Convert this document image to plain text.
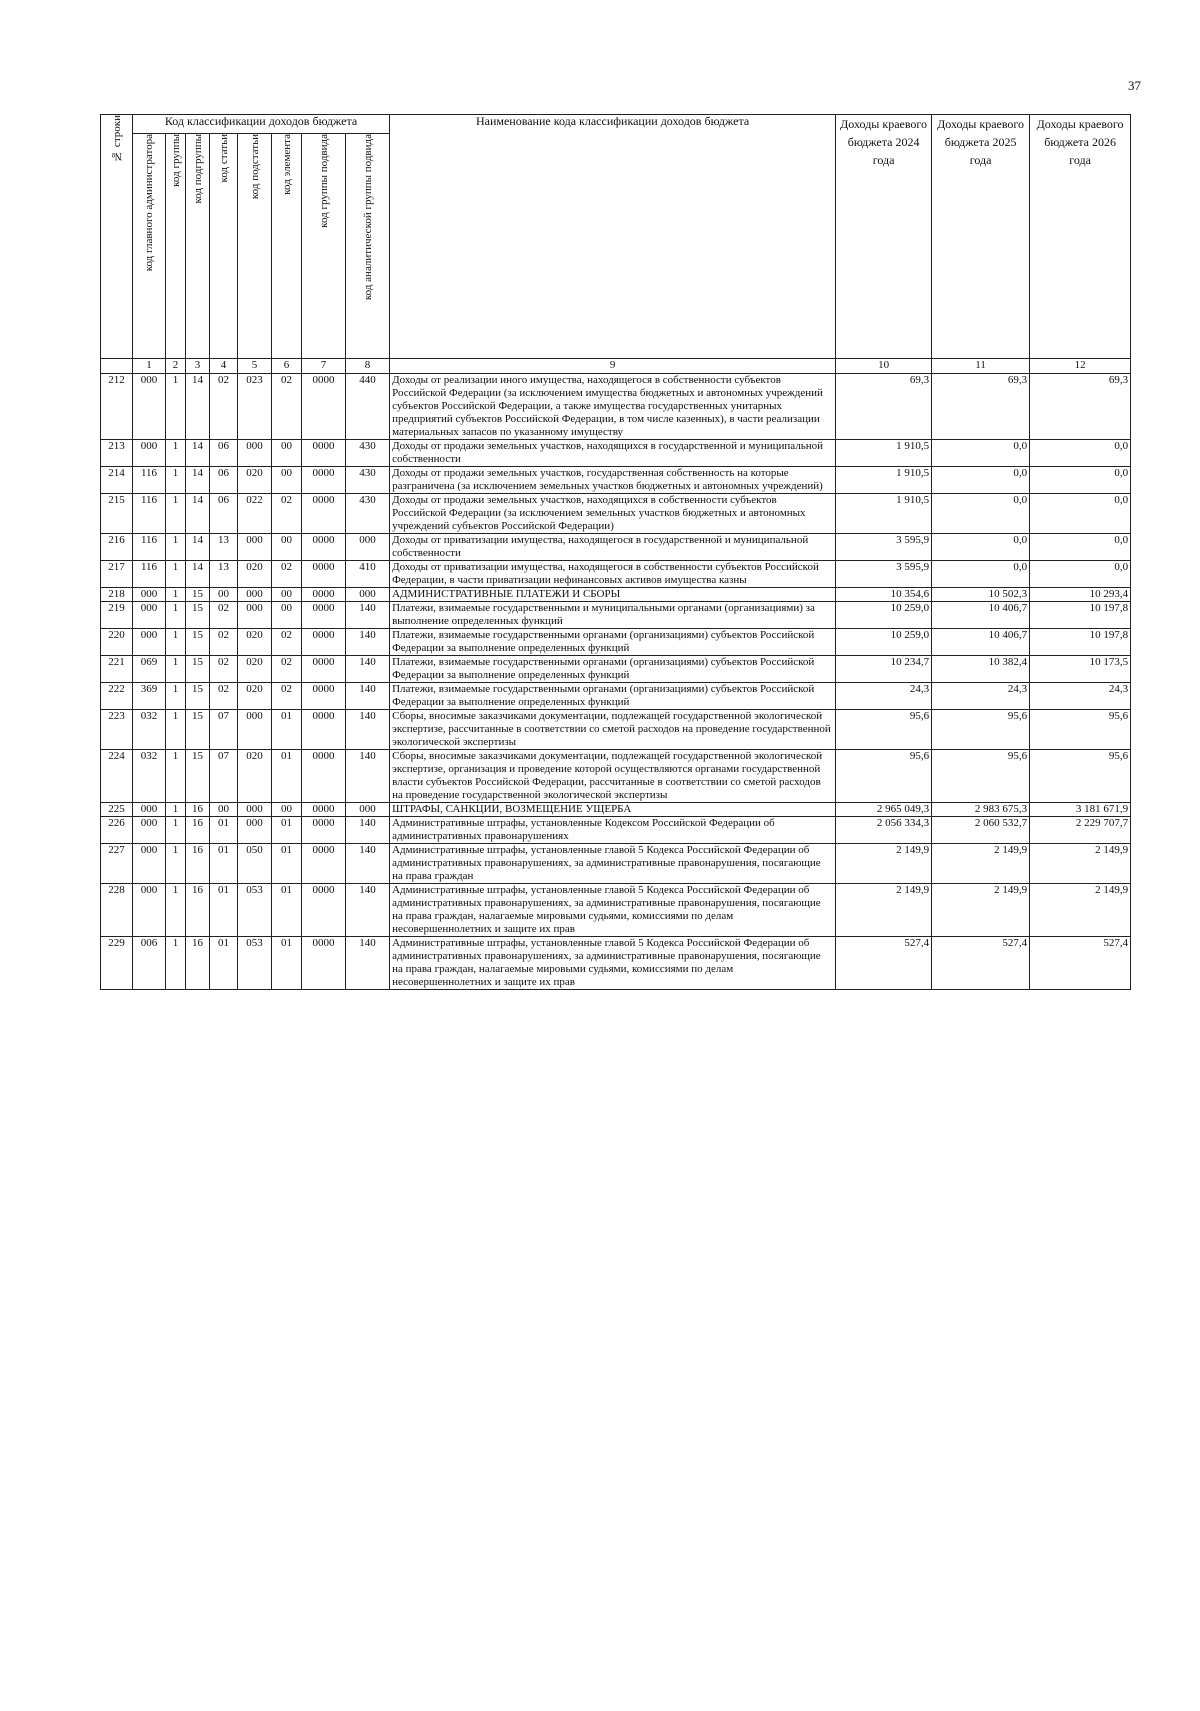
37
№ строки	Код классификации доходов бюджета								Наименование кода классификации доходов бюджета	Доходы краевого бюджета 2024 года	Доходы краевого бюджета 2025 года	Доходы краевого бюджета 2026 года

	код главного администратора	код группы	код подгруппы	код статьи	код подстатьи	код элемента	код группы подвида	код аналитической группы подвида				

	1	2	3	4	5	6	7	8	9	10	11	12
212	000	1	14	02	023	02	0000	440	Доходы от реализации иного имущества, находящегося в собственности субъектов Российской Федерации (за исключением имущества бюджетных и автономных учреждений субъектов Российской Федерации, а также имущества государственных унитарных предприятий субъектов Российской Федерации, в том числе казенных), в части реализации материальных запасов по указанному имуществу	69,3	69,3	69,3
213	000	1	14	06	000	00	0000	430	Доходы от продажи земельных участков, находящихся в государственной и муниципальной собственности	1 910,5	0,0	0,0
214	116	1	14	06	020	00	0000	430	Доходы от продажи земельных участков, государственная собственность на которые разграничена (за исключением земельных участков бюджетных и автономных учреждений)	1 910,5	0,0	0,0
215	116	1	14	06	022	02	0000	430	Доходы от продажи земельных участков, находящихся в собственности субъектов Российской Федерации (за исключением земельных участков бюджетных и автономных учреждений субъектов Российской Федерации)	1 910,5	0,0	0,0
216	116	1	14	13	000	00	0000	000	Доходы от приватизации имущества, находящегося в государственной и муниципальной собственности	3 595,9	0,0	0,0
217	116	1	14	13	020	02	0000	410	Доходы от приватизации имущества, находящегося в собственности субъектов Российской Федерации, в части приватизации нефинансовых активов имущества казны	3 595,9	0,0	0,0
218	000	1	15	00	000	00	0000	000	АДМИНИСТРАТИВНЫЕ ПЛАТЕЖИ И СБОРЫ	10 354,6	10 502,3	10 293,4
219	000	1	15	02	000	00	0000	140	Платежи, взимаемые государственными и муниципальными органами (организациями) за выполнение определенных функций	10 259,0	10 406,7	10 197,8
220	000	1	15	02	020	02	0000	140	Платежи, взимаемые государственными органами (организациями) субъектов Российской Федерации за выполнение определенных функций	10 259,0	10 406,7	10 197,8
221	069	1	15	02	020	02	0000	140	Платежи, взимаемые государственными органами (организациями) субъектов Российской Федерации за выполнение определенных функций	10 234,7	10 382,4	10 173,5
222	369	1	15	02	020	02	0000	140	Платежи, взимаемые государственными органами (организациями) субъектов Российской Федерации за выполнение определенных функций	24,3	24,3	24,3
223	032	1	15	07	000	01	0000	140	Сборы, вносимые заказчиками документации, подлежащей государственной экологической экспертизе, рассчитанные в соответствии со сметой расходов на проведение государственной экологической экспертизы	95,6	95,6	95,6
224	032	1	15	07	020	01	0000	140	Сборы, вносимые заказчиками документации, подлежащей государственной экологической экспертизе, организация и проведение которой осуществляются органами государственной власти субъектов Российской Федерации, рассчитанные в соответствии со сметой расходов на проведение государственной экологической экспертизы	95,6	95,6	95,6
225	000	1	16	00	000	00	0000	000	ШТРАФЫ, САНКЦИИ, ВОЗМЕЩЕНИЕ УЩЕРБА	2 965 049,3	2 983 675,3	3 181 671,9
226	000	1	16	01	000	01	0000	140	Административные штрафы, установленные Кодексом Российской Федерации об административных правонарушениях	2 056 334,3	2 060 532,7	2 229 707,7
227	000	1	16	01	050	01	0000	140	Административные штрафы, установленные главой 5 Кодекса Российской Федерации об административных правонарушениях, за административные правонарушения, посягающие на права граждан	2 149,9	2 149,9	2 149,9
228	000	1	16	01	053	01	0000	140	Административные штрафы, установленные главой 5 Кодекса Российской Федерации об административных правонарушениях, за административные правонарушения, посягающие на права граждан, налагаемые мировыми судьями, комиссиями по делам несовершеннолетних и защите их прав	2 149,9	2 149,9	2 149,9
229	006	1	16	01	053	01	0000	140	Административные штрафы, установленные главой 5 Кодекса Российской Федерации об административных правонарушениях, за административные правонарушения, посягающие на права граждан, налагаемые мировыми судьями, комиссиями по делам несовершеннолетних и защите их прав	527,4	527,4	527,4
